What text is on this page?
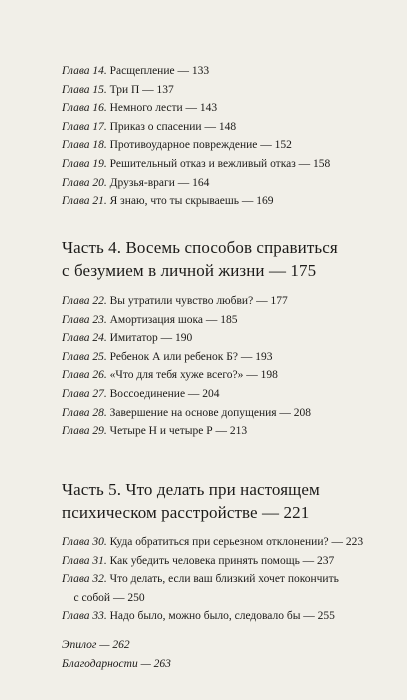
Глава 14. Расщепление — 133
Глава 15. Три П — 137
Глава 16. Немного лести — 143
Глава 17. Приказ о спасении — 148
Глава 18. Противоударное повреждение — 152
Глава 19. Решительный отказ и вежливый отказ — 158
Глава 20. Друзья-враги — 164
Глава 21. Я знаю, что ты скрываешь — 169
Часть 4. Восемь способов справиться
с безумием в личной жизни — 175
Глава 22. Вы утратили чувство любви? — 177
Глава 23. Амортизация шока — 185
Глава 24. Имитатор — 190
Глава 25. Ребенок А или ребенок Б? — 193
Глава 26. «Что для тебя хуже всего?» — 198
Глава 27. Воссоединение — 204
Глава 28. Завершение на основе допущения — 208
Глава 29. Четыре Н и четыре Р — 213
Часть 5. Что делать при настоящем
психическом расстройстве — 221
Глава 30. Куда обратиться при серьезном отклонении? — 223
Глава 31. Как убедить человека принять помощь — 237
Глава 32. Что делать, если ваш близкий хочет покончить
с собой — 250
Глава 33. Надо было, можно было, следовало бы — 255
Эпилог — 262
Благодарности — 263
